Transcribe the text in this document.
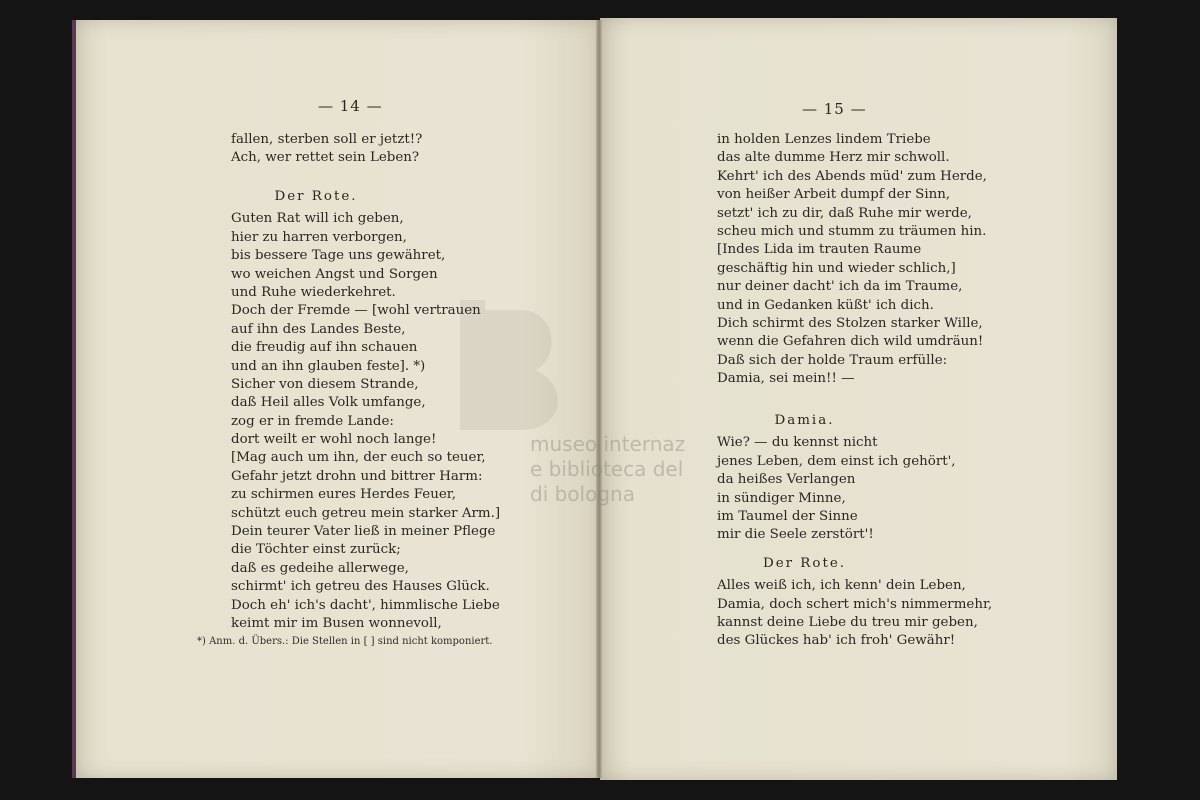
museo internaz
e biblioteca del
di bologna
— 14 —
fallen, sterben soll er jetzt!?
Ach, wer rettet sein Leben?
Der Rote.
Guten Rat will ich geben,
hier zu harren verborgen,
bis bessere Tage uns gewähret,
wo weichen Angst und Sorgen
und Ruhe wiederkehret.
Doch der Fremde — [wohl vertrauen
auf ihn des Landes Beste,
die freudig auf ihn schauen
und an ihn glauben feste]. *)
Sicher von diesem Strande,
daß Heil alles Volk umfange,
zog er in fremde Lande:
dort weilt er wohl noch lange!
[Mag auch um ihn, der euch so teuer,
Gefahr jetzt drohn und bittrer Harm:
zu schirmen eures Herdes Feuer,
schützt euch getreu mein starker Arm.]
Dein teurer Vater ließ in meiner Pflege
die Töchter einst zurück;
daß es gedeihe allerwege,
schirmt' ich getreu des Hauses Glück.
Doch eh' ich's dacht', himmlische Liebe
keimt mir im Busen wonnevoll,
*) Anm. d. Übers.: Die Stellen in [ ] sind nicht komponiert.
— 15 —
in holden Lenzes lindem Triebe
das alte dumme Herz mir schwoll.
Kehrt' ich des Abends müd' zum Herde,
von heißer Arbeit dumpf der Sinn,
setzt' ich zu dir, daß Ruhe mir werde,
scheu mich und stumm zu träumen hin.
[Indes Lida im trauten Raume
geschäftig hin und wieder schlich,]
nur deiner dacht' ich da im Traume,
und in Gedanken küßt' ich dich.
Dich schirmt des Stolzen starker Wille,
wenn die Gefahren dich wild umdräun!
Daß sich der holde Traum erfülle:
Damia, sei mein!! —
Damia.
Wie? — du kennst nicht
jenes Leben, dem einst ich gehört',
da heißes Verlangen
in sündiger Minne,
im Taumel der Sinne
mir die Seele zerstört'!
Der Rote.
Alles weiß ich, ich kenn' dein Leben,
Damia, doch schert mich's nimmermehr,
kannst deine Liebe du treu mir geben,
des Glückes hab' ich froh' Gewähr!
